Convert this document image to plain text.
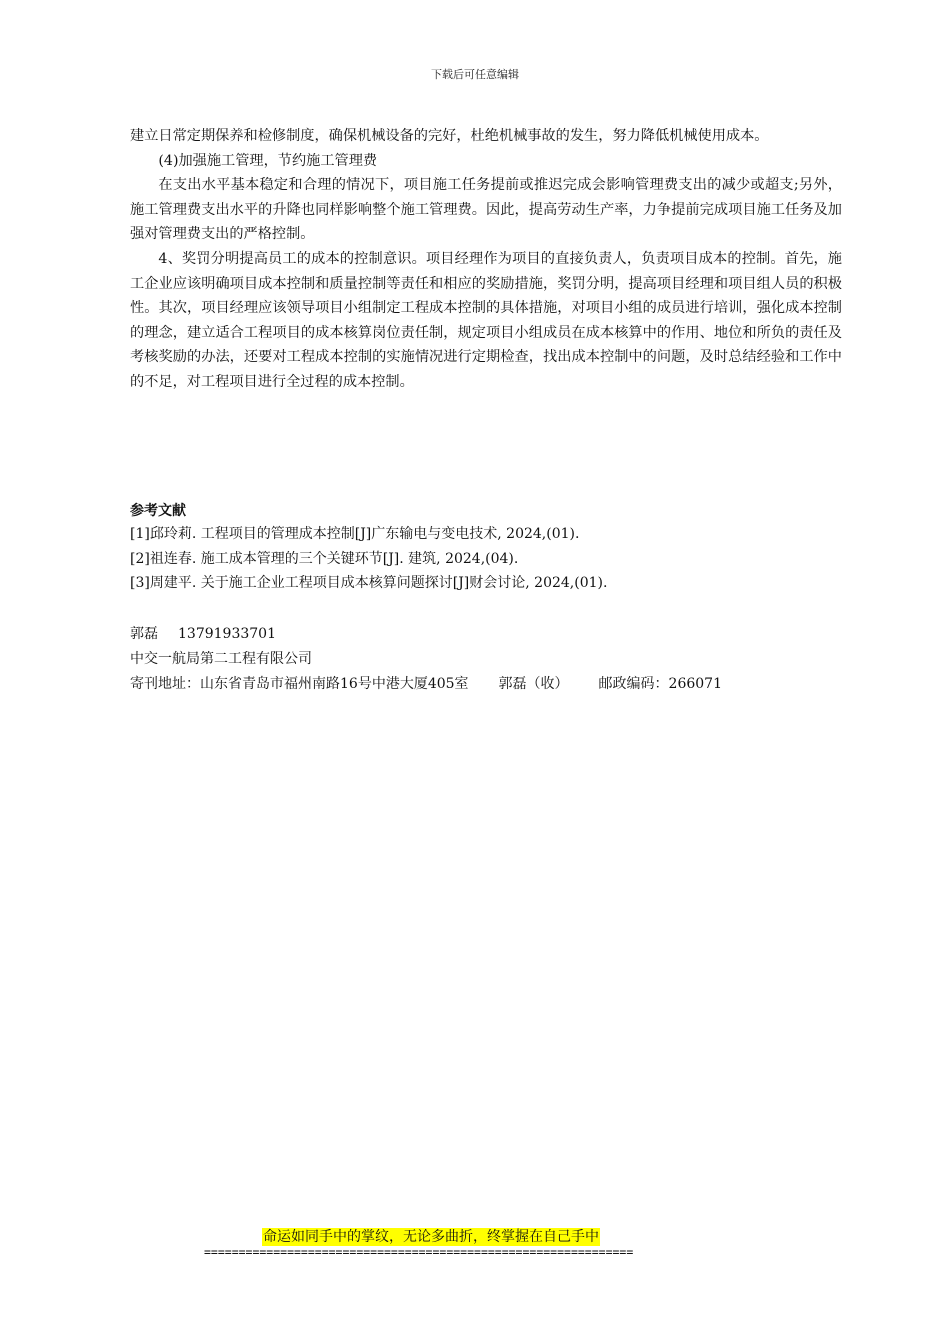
下载后可任意编辑

建立日常定期保养和检修制度，确保机械设备的完好，杜绝机械事故的发生，努力降低机械使用成本。

(4)加强施工管理，节约施工管理费

在支出水平基本稳定和合理的情况下，项目施工任务提前或推迟完成会影响管理费支出的减少或超支;另外，施工管理费支出水平的升降也同样影响整个施工管理费。因此，提高劳动生产率，力争提前完成项目施工任务及加强对管理费支出的严格控制。

4、奖罚分明提高员工的成本的控制意识。项目经理作为项目的直接负责人，负责项目成本的控制。首先，施工企业应该明确项目成本控制和质量控制等责任和相应的奖励措施，奖罚分明，提高项目经理和项目组人员的积极性。其次，项目经理应该领导项目小组制定工程成本控制的具体措施，对项目小组的成员进行培训，强化成本控制的理念，建立适合工程项目的成本核算岗位责任制，规定项目小组成员在成本核算中的作用、地位和所负的责任及考核奖励的办法，还要对工程成本控制的实施情况进行定期检查，找出成本控制中的问题，及时总结经验和工作中的不足，对工程项目进行全过程的成本控制。

参考文献
[1]邱玲莉. 工程项目的管理成本控制[J]广东输电与变电技术, 2024,(01).
[2]祖连春. 施工成本管理的三个关键环节[J]. 建筑, 2024,(04).
[3]周建平. 关于施工企业工程项目成本核算问题探讨[J]财会讨论, 2024,(01).
郭磊 13791933701
中交一航局第二工程有限公司
寄刊地址：山东省青岛市福州南路16号中港大厦405室 郭磊（收） 邮政编码：266071
命运如同手中的掌纹，无论多曲折，终掌握在自己手中
==============================================================
